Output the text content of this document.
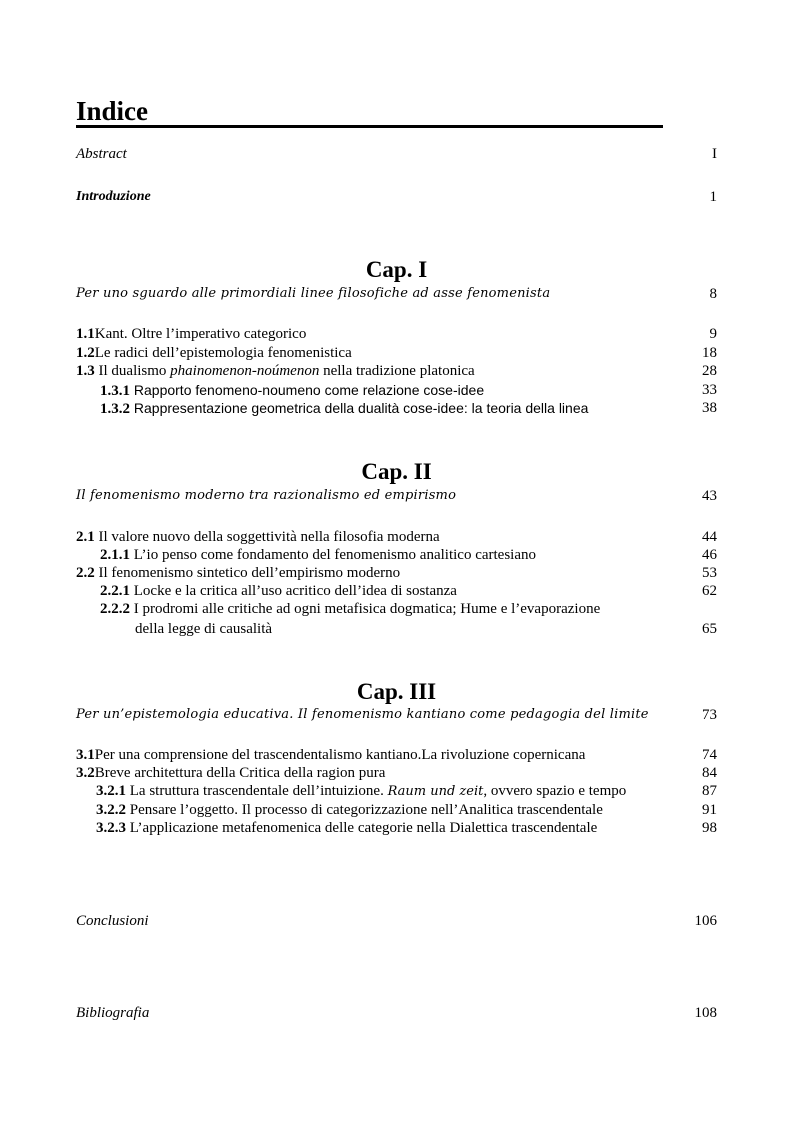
Indice
Abstract	I
Introduzione	1
Cap. I
Per uno sguardo alle primordiali linee filosofiche ad asse fenomenista	8
1.1Kant. Oltre l’imperativo categorico	9
1.2Le radici dell’epistemologia fenomenistica	18
1.3 Il dualismo phainomenon-noúmenon nella tradizione platonica	28
1.3.1 Rapporto fenomeno-noumeno come relazione cose-idee	33
1.3.2 Rappresentazione geometrica della dualità cose-idee: la teoria della linea	38
Cap. II
Il fenomenismo moderno tra razionalismo ed empirismo	43
2.1 Il valore nuovo della soggettività nella filosofia moderna	44
2.1.1 L’io penso come fondamento del fenomenismo analitico cartesiano	46
2.2 Il fenomenismo sintetico dell’empirismo moderno	53
2.2.1 Locke e la critica all’uso acritico dell’idea di sostanza	62
2.2.2 I prodromi alle critiche ad ogni metafisica dogmatica; Hume e l’evaporazione
della legge di causalità	65
Cap. III
Per un’epistemologia educativa. Il fenomenismo kantiano come pedagogia del limite	73
3.1Per una comprensione del trascendentalismo kantiano.La rivoluzione copernicana	74
3.2Breve architettura della Critica della ragion pura	84
3.2.1 La struttura trascendentale dell’intuizione. Raum und zeit, ovvero spazio e tempo	87
3.2.2 Pensare l’oggetto. Il processo di categorizzazione nell’Analitica trascendentale	91
3.2.3 L’applicazione metafenomenica delle categorie nella Dialettica trascendentale	98
Conclusioni	106
Bibliografia	108
